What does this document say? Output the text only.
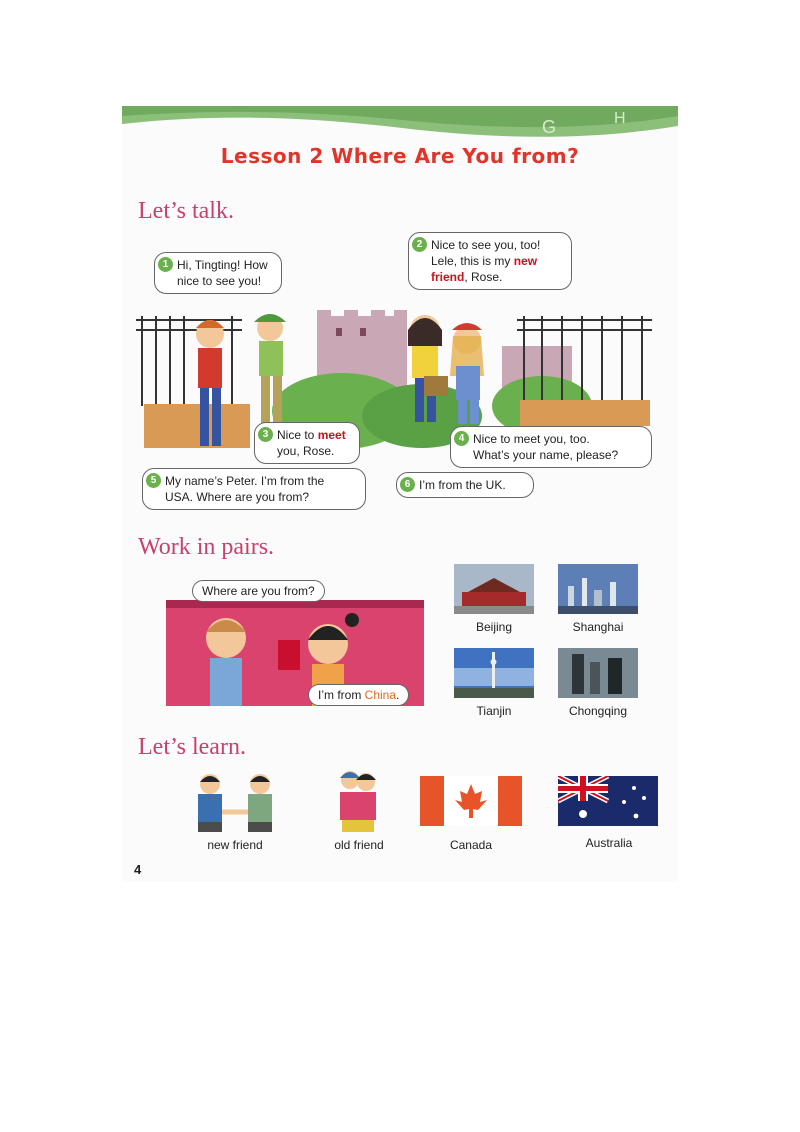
G	H
Lesson 2 Where Are You from?
Let’s talk.
1 Hi, Tingting! How
nice to see you!
2 Nice to see you, too!
Lele, this is my new
friend, Rose.
3 Nice to meet
you, Rose.
4 Nice to meet you, too.
What’s your name, please?
5 My name’s Peter. I’m from the
USA. Where are you from?
6 I’m from the UK.
Work in pairs.
Where are you from?
I’m from China.
Beijing	Shanghai
Tianjin	Chongqing
Let’s learn.
new friend	old friend	Canada	Australia
4
